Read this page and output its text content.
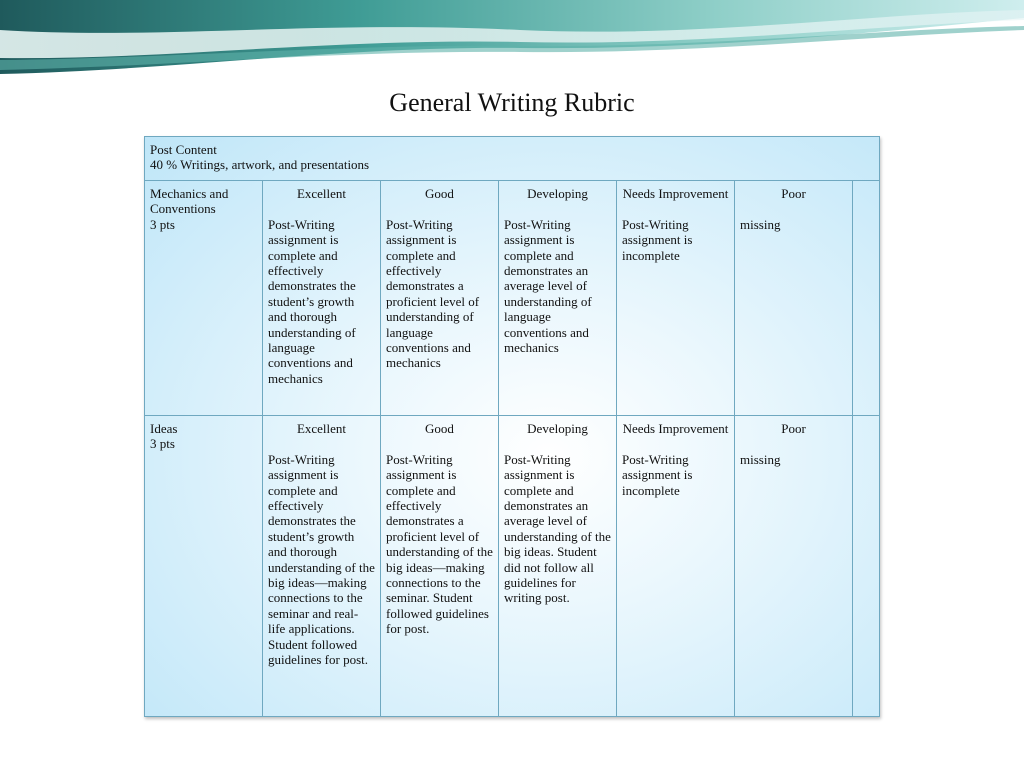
General Writing Rubric
Post Content
40 % Writings, artwork, and presentations
Mechanics and
Conventions
3 pts
Excellent
Post-Writing assignment is complete and effectively demonstrates the student’s growth and thorough understanding of language conventions and mechanics
Good
Post-Writing assignment is complete and effectively demonstrates a proficient level of understanding of language conventions and mechanics
Developing
Post-Writing assignment is complete and demonstrates an average level of understanding of language conventions and mechanics
Needs Improvement
Post-Writing assignment is incomplete
Poor
missing
Ideas
3 pts
Excellent
Post-Writing assignment is complete and effectively demonstrates the student’s growth and thorough understanding of the big ideas—making connections to the seminar and real-life applications. Student followed guidelines for post.
Good
Post-Writing assignment is complete and effectively demonstrates a proficient level of understanding of the big ideas—making connections to the seminar. Student followed guidelines for post.
Developing
Post-Writing assignment is complete and demonstrates an average level of understanding of the big ideas. Student did not follow all guidelines for writing post.
Needs Improvement
Post-Writing assignment is incomplete
Poor
missing
